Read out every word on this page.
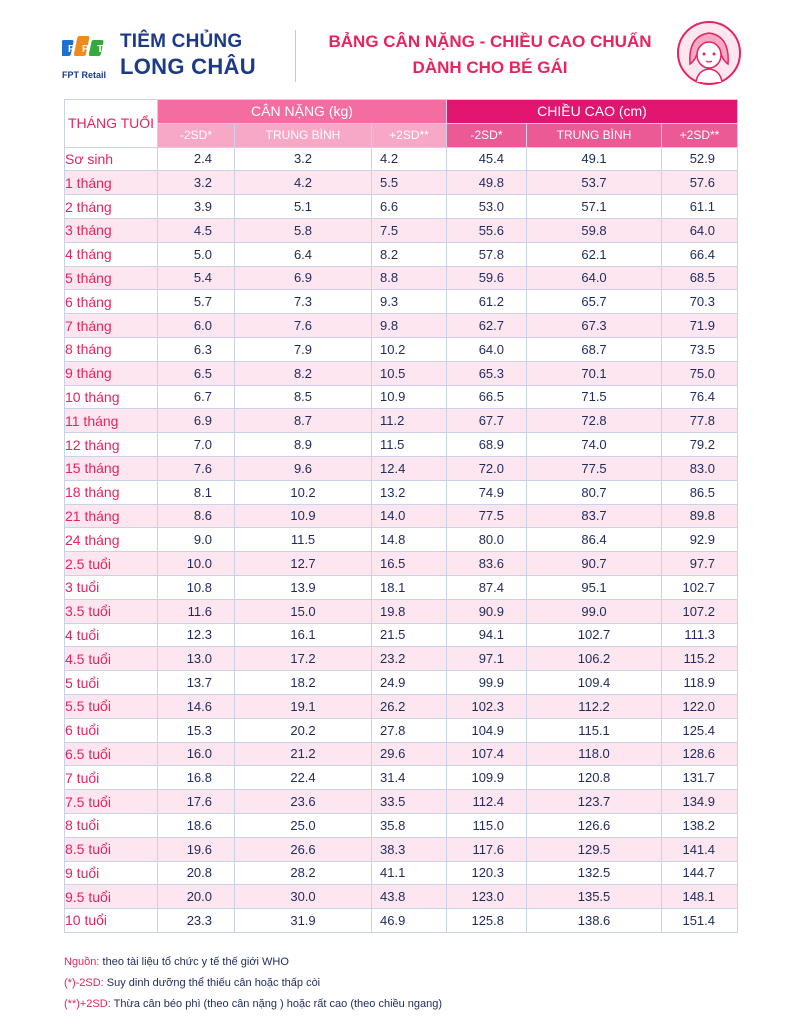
F P T
FPT Retail
TIÊM CHỦNG
LONG CHÂU
BẢNG CÂN NẶNG - CHIỀU CAO CHUẨN
DÀNH CHO BÉ GÁI
THÁNG TUỔI	CÂN NẶNG (kg)			CHIỀU CAO (cm)		
	-2SD*	TRUNG BÌNH	+2SD**	-2SD*	TRUNG BÌNH	+2SD**
Sơ sinh	2.4	3.2	4.2	45.4	49.1	52.9
1 tháng	3.2	4.2	5.5	49.8	53.7	57.6
2 tháng	3.9	5.1	6.6	53.0	57.1	61.1
3 tháng	4.5	5.8	7.5	55.6	59.8	64.0
4 tháng	5.0	6.4	8.2	57.8	62.1	66.4
5 tháng	5.4	6.9	8.8	59.6	64.0	68.5
6 tháng	5.7	7.3	9.3	61.2	65.7	70.3
7 tháng	6.0	7.6	9.8	62.7	67.3	71.9
8 tháng	6.3	7.9	10.2	64.0	68.7	73.5
9 tháng	6.5	8.2	10.5	65.3	70.1	75.0
10 tháng	6.7	8.5	10.9	66.5	71.5	76.4
11 tháng	6.9	8.7	11.2	67.7	72.8	77.8
12 tháng	7.0	8.9	11.5	68.9	74.0	79.2
15 tháng	7.6	9.6	12.4	72.0	77.5	83.0
18 tháng	8.1	10.2	13.2	74.9	80.7	86.5
21 tháng	8.6	10.9	14.0	77.5	83.7	89.8
24 tháng	9.0	11.5	14.8	80.0	86.4	92.9
2.5 tuổi	10.0	12.7	16.5	83.6	90.7	97.7
3 tuổi	10.8	13.9	18.1	87.4	95.1	102.7
3.5 tuổi	11.6	15.0	19.8	90.9	99.0	107.2
4 tuổi	12.3	16.1	21.5	94.1	102.7	111.3
4.5 tuổi	13.0	17.2	23.2	97.1	106.2	115.2
5 tuổi	13.7	18.2	24.9	99.9	109.4	118.9
5.5 tuổi	14.6	19.1	26.2	102.3	112.2	122.0
6 tuổi	15.3	20.2	27.8	104.9	115.1	125.4
6.5 tuổi	16.0	21.2	29.6	107.4	118.0	128.6
7 tuổi	16.8	22.4	31.4	109.9	120.8	131.7
7.5 tuổi	17.6	23.6	33.5	112.4	123.7	134.9
8 tuổi	18.6	25.0	35.8	115.0	126.6	138.2
8.5 tuổi	19.6	26.6	38.3	117.6	129.5	141.4
9 tuổi	20.8	28.2	41.1	120.3	132.5	144.7
9.5 tuổi	20.0	30.0	43.8	123.0	135.5	148.1
10 tuổi	23.3	31.9	46.9	125.8	138.6	151.4
Nguồn: theo tài liệu tổ chức y tế thế giới WHO
(*)-2SD: Suy dinh dưỡng thể thiếu cân hoặc thấp còi
(**)+2SD: Thừa cân béo phì (theo cân nặng ) hoặc rất cao (theo chiều ngang)
